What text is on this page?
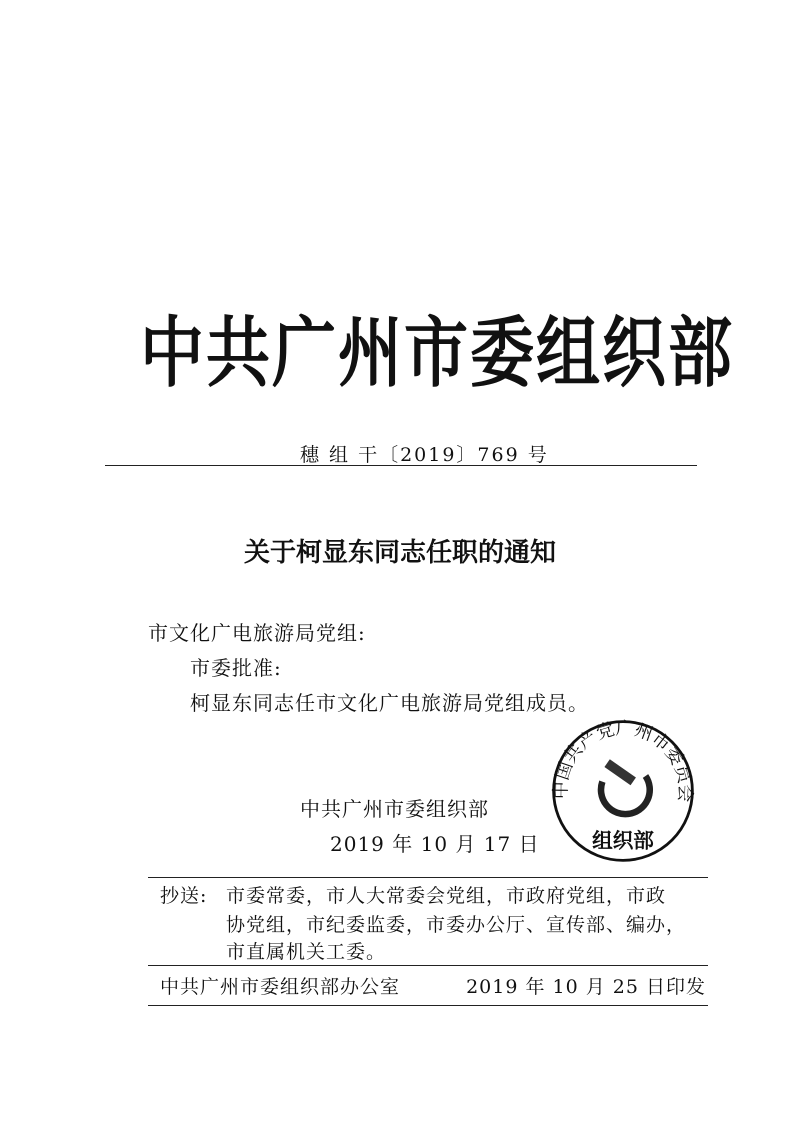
中共广州市委组织部
穗 组 干〔2019〕769 号
关于柯显东同志任职的通知
市文化广电旅游局党组:
市委批准:
柯显东同志任市文化广电旅游局党组成员。
中共广州市委组织部
2019 年 10 月 17 日
中国共产党广州市委员会
组织部
抄送: 市委常委，市人大常委会党组，市政府党组，市政
协党组，市纪委监委，市委办公厅、宣传部、编办，
市直属机关工委。
中共广州市委组织部办公室	2019 年 10 月 25 日印发
